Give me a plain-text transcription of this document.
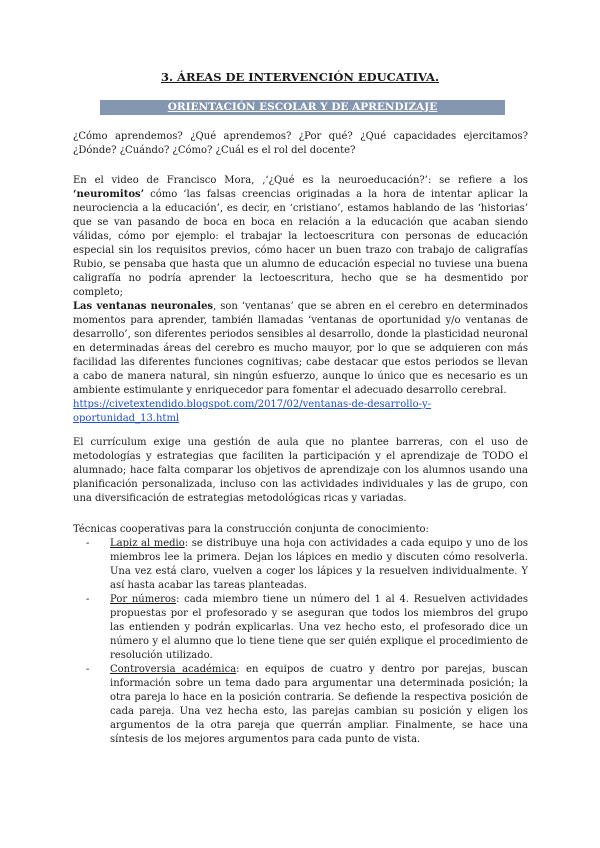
3. ÁREAS DE INTERVENCIÓN EDUCATIVA.
ORIENTACIÓN ESCOLAR Y DE APRENDIZAJE

¿Cómo aprendemos? ¿Qué aprendemos? ¿Por qué? ¿Qué capacidades ejercitamos? ¿Dónde? ¿Cuándo? ¿Cómo? ¿Cuál es el rol del docente?

En el video de Francisco Mora, ,‘¿Qué es la neuroeducación?’: se refiere a los ‘neuromitos’ cómo ‘las falsas creencias originadas a la hora de intentar aplicar la neurociencia a la educación’, es decir, en ‘cristiano’, estamos hablando de las ‘historias’ que se van pasando de boca en boca en relación a la educación que acaban siendo válidas, cómo por ejemplo: el trabajar la lectoescritura con personas de educación especial sin los requisitos previos, cómo hacer un buen trazo con trabajo de caligrafías Rubio, se pensaba que hasta que un alumno de educación especial no tuviese una buena caligrafía no podría aprender la lectoescritura, hecho que se ha desmentido por completo;

Las ventanas neuronales, son ‘ventanas’ que se abren en el cerebro en determinados momentos para aprender, también llamadas ‘ventanas de oportunidad y/o ventanas de desarrollo’, son diferentes periodos sensibles al desarrollo, donde la plasticidad neuronal en determinadas áreas del cerebro es mucho mauyor, por lo que se adquieren con más facilidad las diferentes funciones cognitivas; cabe destacar que estos periodos se llevan a cabo de manera natural, sin ningún esfuerzo, aunque lo único que es necesario es un ambiente estimulante y enriquecedor para fomentar el adecuado desarrollo cerebral.

https://civetextendido.blogspot.com/2017/02/ventanas-de-desarrollo-y-oportunidad_13.html

El currículum exige una gestión de aula que no plantee barreras, con el uso de metodologías y estrategias que faciliten la participación y el aprendizaje de TODO el alumnado; hace falta comparar los objetivos de aprendizaje con los alumnos usando una planificación personalizada, incluso con las actividades individuales y las de grupo, con una diversificación de estrategias metodológicas ricas y variadas.

Técnicas cooperativas para la construcción conjunta de conocimiento:

- Lapiz al medio: se distribuye una hoja con actividades a cada equipo y uno de los miembros lee la primera. Dejan los lápices en medio y discuten cómo resolverla. Una vez está claro, vuelven a coger los lápices y la resuelven individualmente. Y así hasta acabar las tareas planteadas.
- Por números: cada miembro tiene un número del 1 al 4. Resuelven actividades propuestas por el profesorado y se aseguran que todos los miembros del grupo las entienden y podrán explicarlas. Una vez hecho esto, el profesorado dice un número y el alumno que lo tiene tiene que ser quién explique el procedimiento de resolución utilizado.
- Controversia académica: en equipos de cuatro y dentro por parejas, buscan información sobre un tema dado para argumentar una determinada posición; la otra pareja lo hace en la posición contraria. Se defiende la respectiva posición de cada pareja. Una vez hecha esto, las parejas cambian su posición y eligen los argumentos de la otra pareja que querrán ampliar. Finalmente, se hace una síntesis de los mejores argumentos para cada punto de vista.
